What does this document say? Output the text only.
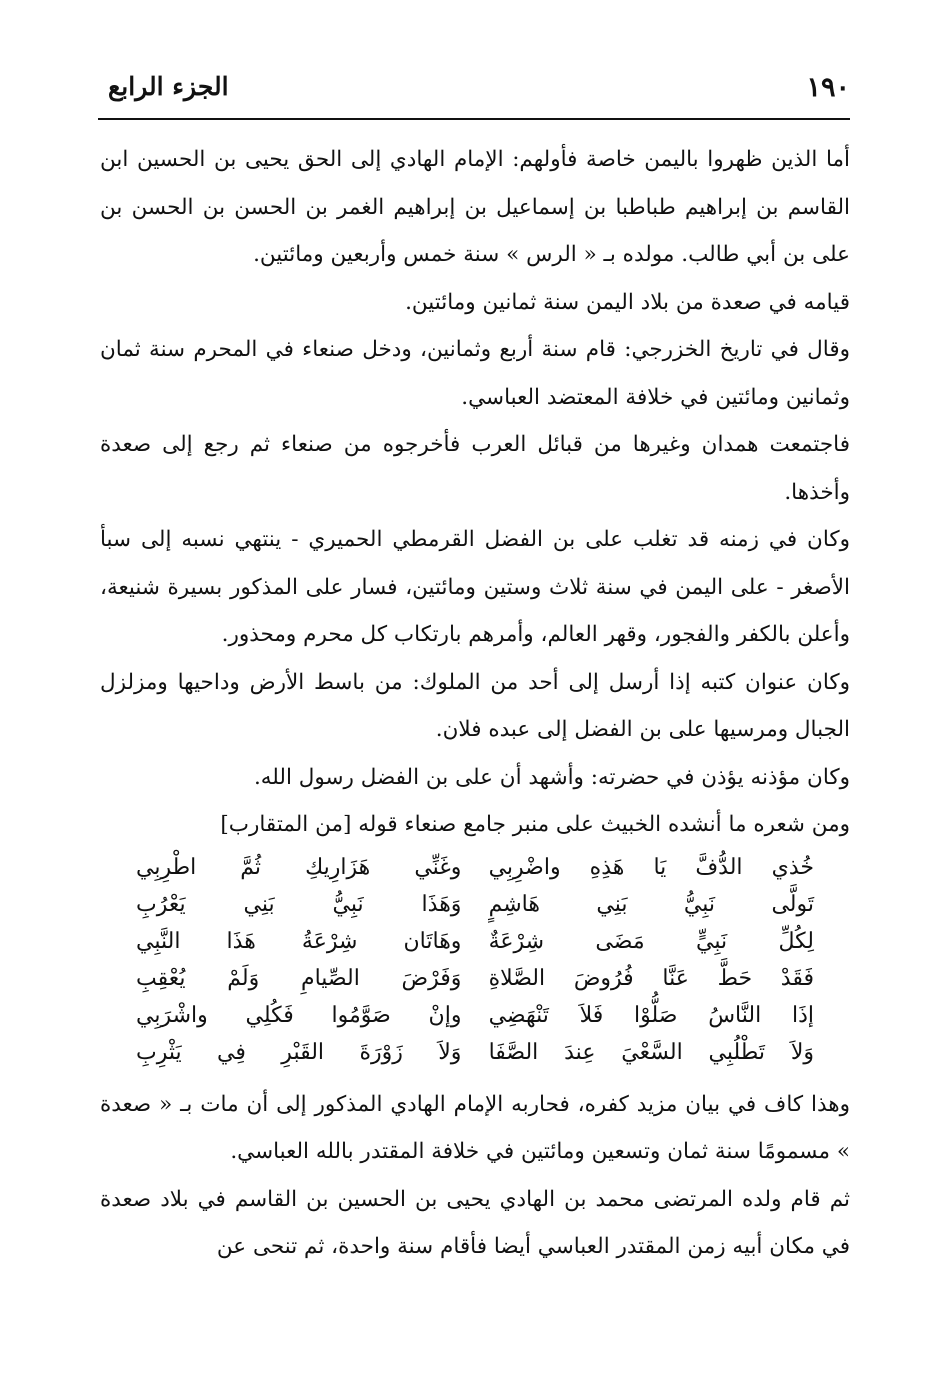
١٩٠
الجزء الرابع

أما الذين ظهروا باليمن خاصة فأولهم: الإمام الهادي إلى الحق يحيى بن الحسين ابن القاسم بن إبراهيم طباطبا بن إسماعيل بن إبراهيم الغمر بن الحسن بن الحسن بن على بن أبي طالب. مولده بـ « الرس » سنة خمس وأربعين ومائتين.

قيامه في صعدة من بلاد اليمن سنة ثمانين ومائتين.

وقال في تاريخ الخزرجي: قام سنة أربع وثمانين، ودخل صنعاء في المحرم سنة ثمان وثمانين ومائتين في خلافة المعتضد العباسي.

فاجتمعت همدان وغيرها من قبائل العرب فأخرجوه من صنعاء ثم رجع إلى صعدة وأخذها.

وكان في زمنه قد تغلب على بن الفضل القرمطي الحميري - ينتهي نسبه إلى سبأ الأصغر - على اليمن في سنة ثلاث وستين ومائتين، فسار على المذكور بسيرة شنيعة، وأعلن بالكفر والفجور، وقهر العالم، وأمرهم بارتكاب كل محرم ومحذور.

وكان عنوان كتبه إذا أرسل إلى أحد من الملوك: من باسط الأرض وداحيها ومزلزل الجبال ومرسيها على بن الفضل إلى عبده فلان.

وكان مؤذنه يؤذن في حضرته: وأشهد أن على بن الفضل رسول الله.

ومن شعره ما أنشده الخبيث على منبر جامع صنعاء قوله [من المتقارب]

خُذي الدُّفَّ يَا هَذِهِ واضْرِبِي
وغَنِّي هَزَارِيكِ ثُمَّ اطْرِبِي
تَولَّى نَبِيُّ بَنِي هَاشِمٍ
وَهَذَا نَبِيُّ بَنِي يَعْرُبِ
لِكُلِّ نَبِيٍّ مَضَى شِرْعَةٌ
وهَاتَان شِرْعَةُ هَذَا النَّبِي
فَقَدْ حَطَّ عَنَّا فُرُوضَ الصَّلاةِ
وَفَرْضَ الصِّيامِ وَلَمْ يُعْقِبِ
إذَا النَّاسُ صَلُّوْا فَلاَ تَنْهَضِي
وإنْ صَوَّمُوا فَكُلِي واشْرَبِي
وَلاَ تَطْلُبِي السَّعْيَ عِندَ الصَّفَا
وَلاَ زَوْرَةَ القَبْرِ فِي يَثْرِبِ

وهذا كاف في بيان مزيد كفره، فحاربه الإمام الهادي المذكور إلى أن مات بـ « صعدة » مسمومًا سنة ثمان وتسعين ومائتين في خلافة المقتدر بالله العباسي.

ثم قام ولده المرتضى محمد بن الهادي يحيى بن الحسين بن القاسم في بلاد صعدة في مكان أبيه زمن المقتدر العباسي أيضا فأقام سنة واحدة، ثم تنحى عن
